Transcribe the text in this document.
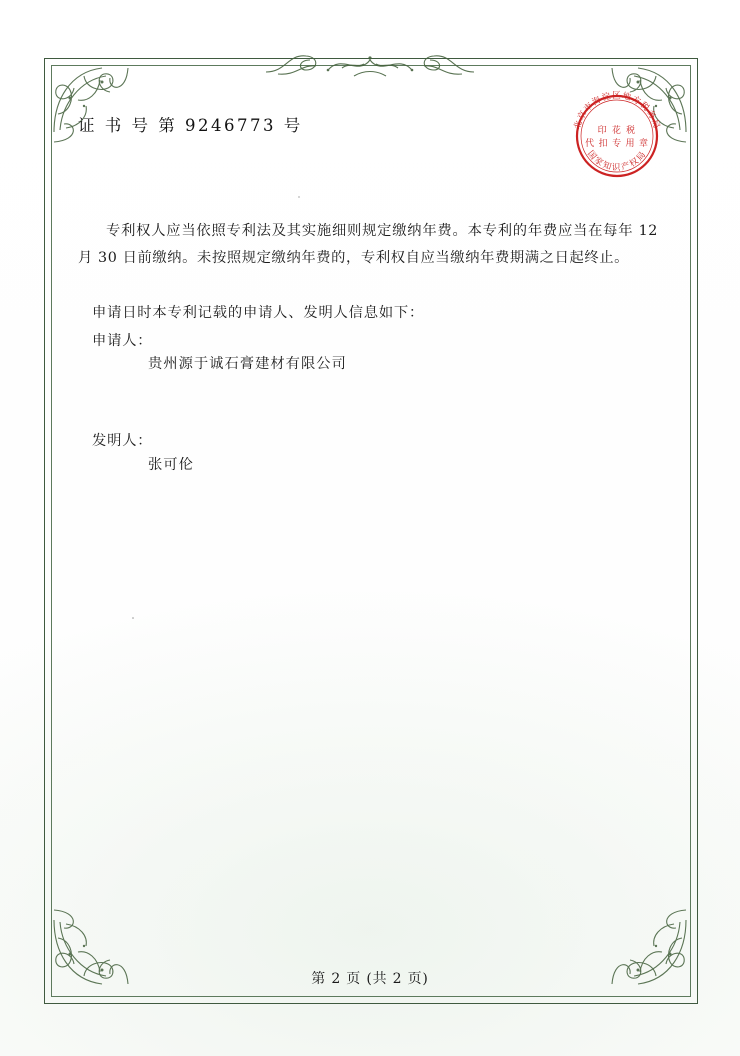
北京市海淀区地方税务局
国家知识产权局
印 花 税
代 扣 专 用 章
证 书 号 第 9246773 号
专利权人应当依照专利法及其实施细则规定缴纳年费。本专利的年费应当在每年 12 月 30 日前缴纳。未按照规定缴纳年费的，专利权自应当缴纳年费期满之日起终止。
申请日时本专利记载的申请人、发明人信息如下：
申请人：
贵州源于诚石膏建材有限公司
发明人：
张可伦
第 2 页 (共 2 页)
